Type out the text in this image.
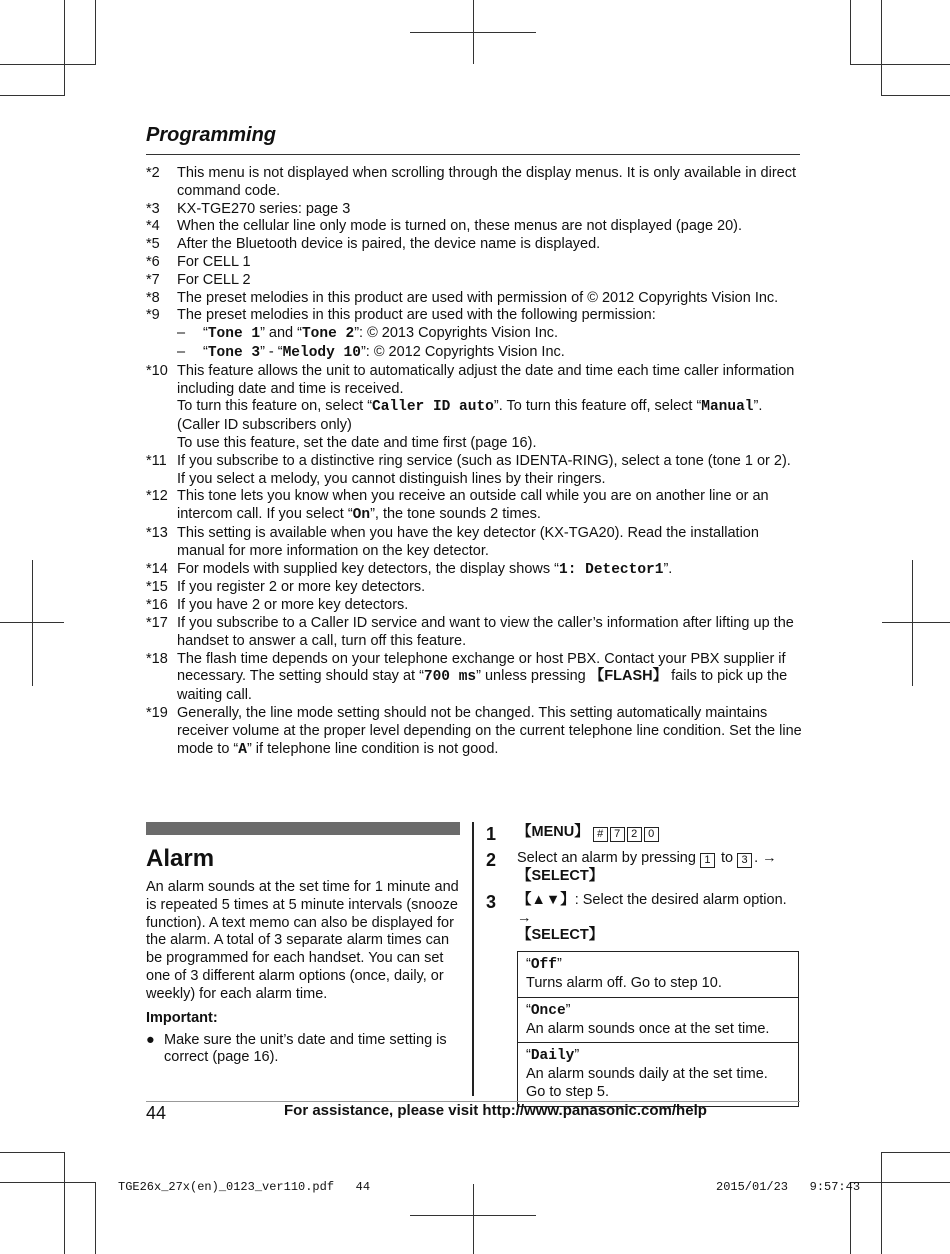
Programming
*2	This menu is not displayed when scrolling through the display menus. It is only available in direct command code.
*3	KX-TGE270 series: page 3
*4	When the cellular line only mode is turned on, these menus are not displayed (page 20).
*5	After the Bluetooth device is paired, the device name is displayed.
*6	For CELL 1
*7	For CELL 2
*8	The preset melodies in this product are used with permission of © 2012 Copyrights Vision Inc.
*9	The preset melodies in this product are used with the following permission:
– “Tone 1” and “Tone 2”: © 2013 Copyrights Vision Inc.
– “Tone 3” - “Melody 10”: © 2012 Copyrights Vision Inc.
*10 This feature allows the unit to automatically adjust the date and time each time caller information including date and time is received.
To turn this feature on, select “Caller ID auto”. To turn this feature off, select “Manual”. (Caller ID subscribers only)
To use this feature, set the date and time first (page 16).
*11 If you subscribe to a distinctive ring service (such as IDENTA-RING), select a tone (tone 1 or 2). If you select a melody, you cannot distinguish lines by their ringers.
*12 This tone lets you know when you receive an outside call while you are on another line or an intercom call. If you select “On”, the tone sounds 2 times.
*13 This setting is available when you have the key detector (KX-TGA20). Read the installation manual for more information on the key detector.
*14 For models with supplied key detectors, the display shows “1: Detector1”.
*15 If you register 2 or more key detectors.
*16 If you have 2 or more key detectors.
*17 If you subscribe to a Caller ID service and want to view the caller’s information after lifting up the handset to answer a call, turn off this feature.
*18 The flash time depends on your telephone exchange or host PBX. Contact your PBX supplier if necessary. The setting should stay at “700 ms” unless pressing 【FLASH】 fails to pick up the waiting call.
*19 Generally, the line mode setting should not be changed. This setting automatically maintains receiver volume at the proper level depending on the current telephone line condition. Set the line mode to “A” if telephone line condition is not good.
Alarm
An alarm sounds at the set time for 1 minute and is repeated 5 times at 5 minute intervals (snooze function). A text memo can also be displayed for the alarm. A total of 3 separate alarm times can be programmed for each handset. You can set one of 3 different alarm options (once, daily, or weekly) for each alarm time.
Important:
● Make sure the unit’s date and time setting is correct (page 16).
1	【MENU】 # 7 2 0
2	Select an alarm by pressing 1 to 3 . →
【SELECT】
3	【▲▼】: Select the desired alarm option. →
【SELECT】
“Off”
Turns alarm off. Go to step 10.
“Once”
An alarm sounds once at the set time.
“Daily”
An alarm sounds daily at the set time. Go to step 5.
44	For assistance, please visit http://www.panasonic.com/help
TGE26x_27x(en)_0123_ver110.pdf 44	2015/01/23 9:57:43
